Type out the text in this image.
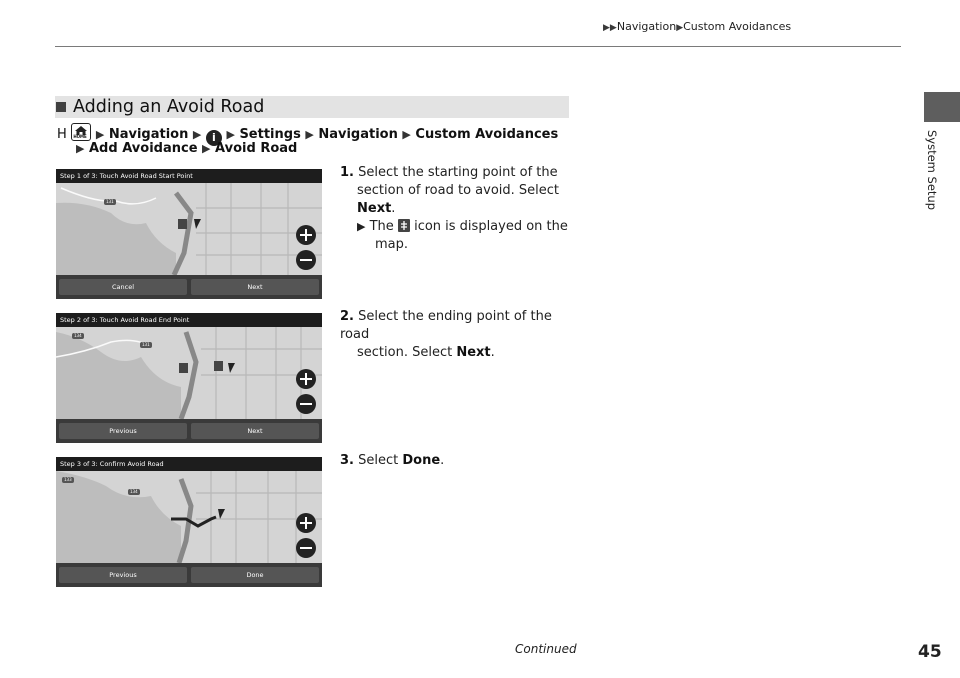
▶▶Navigation▶Custom Avoidances
System Setup
Adding an Avoid Road
H HOME ▶ Navigation ▶ i ▶ Settings ▶ Navigation ▶ Custom Avoidances
▶ Add Avoidance ▶ Avoid Road
1. Select the starting point of the
section of road to avoid. Select
Next.
▶ The icon is displayed on the
map.
2. Select the ending point of the road
section. Select Next.
3. Select Done.
Step 1 of 3: Touch Avoid Road Start Point
131
Cancel	Next
Step 2 of 3: Touch Avoid Road End Point
134
131
Previous	Next
Step 3 of 3: Confirm Avoid Road
133
134
Previous	Done
Continued	45
